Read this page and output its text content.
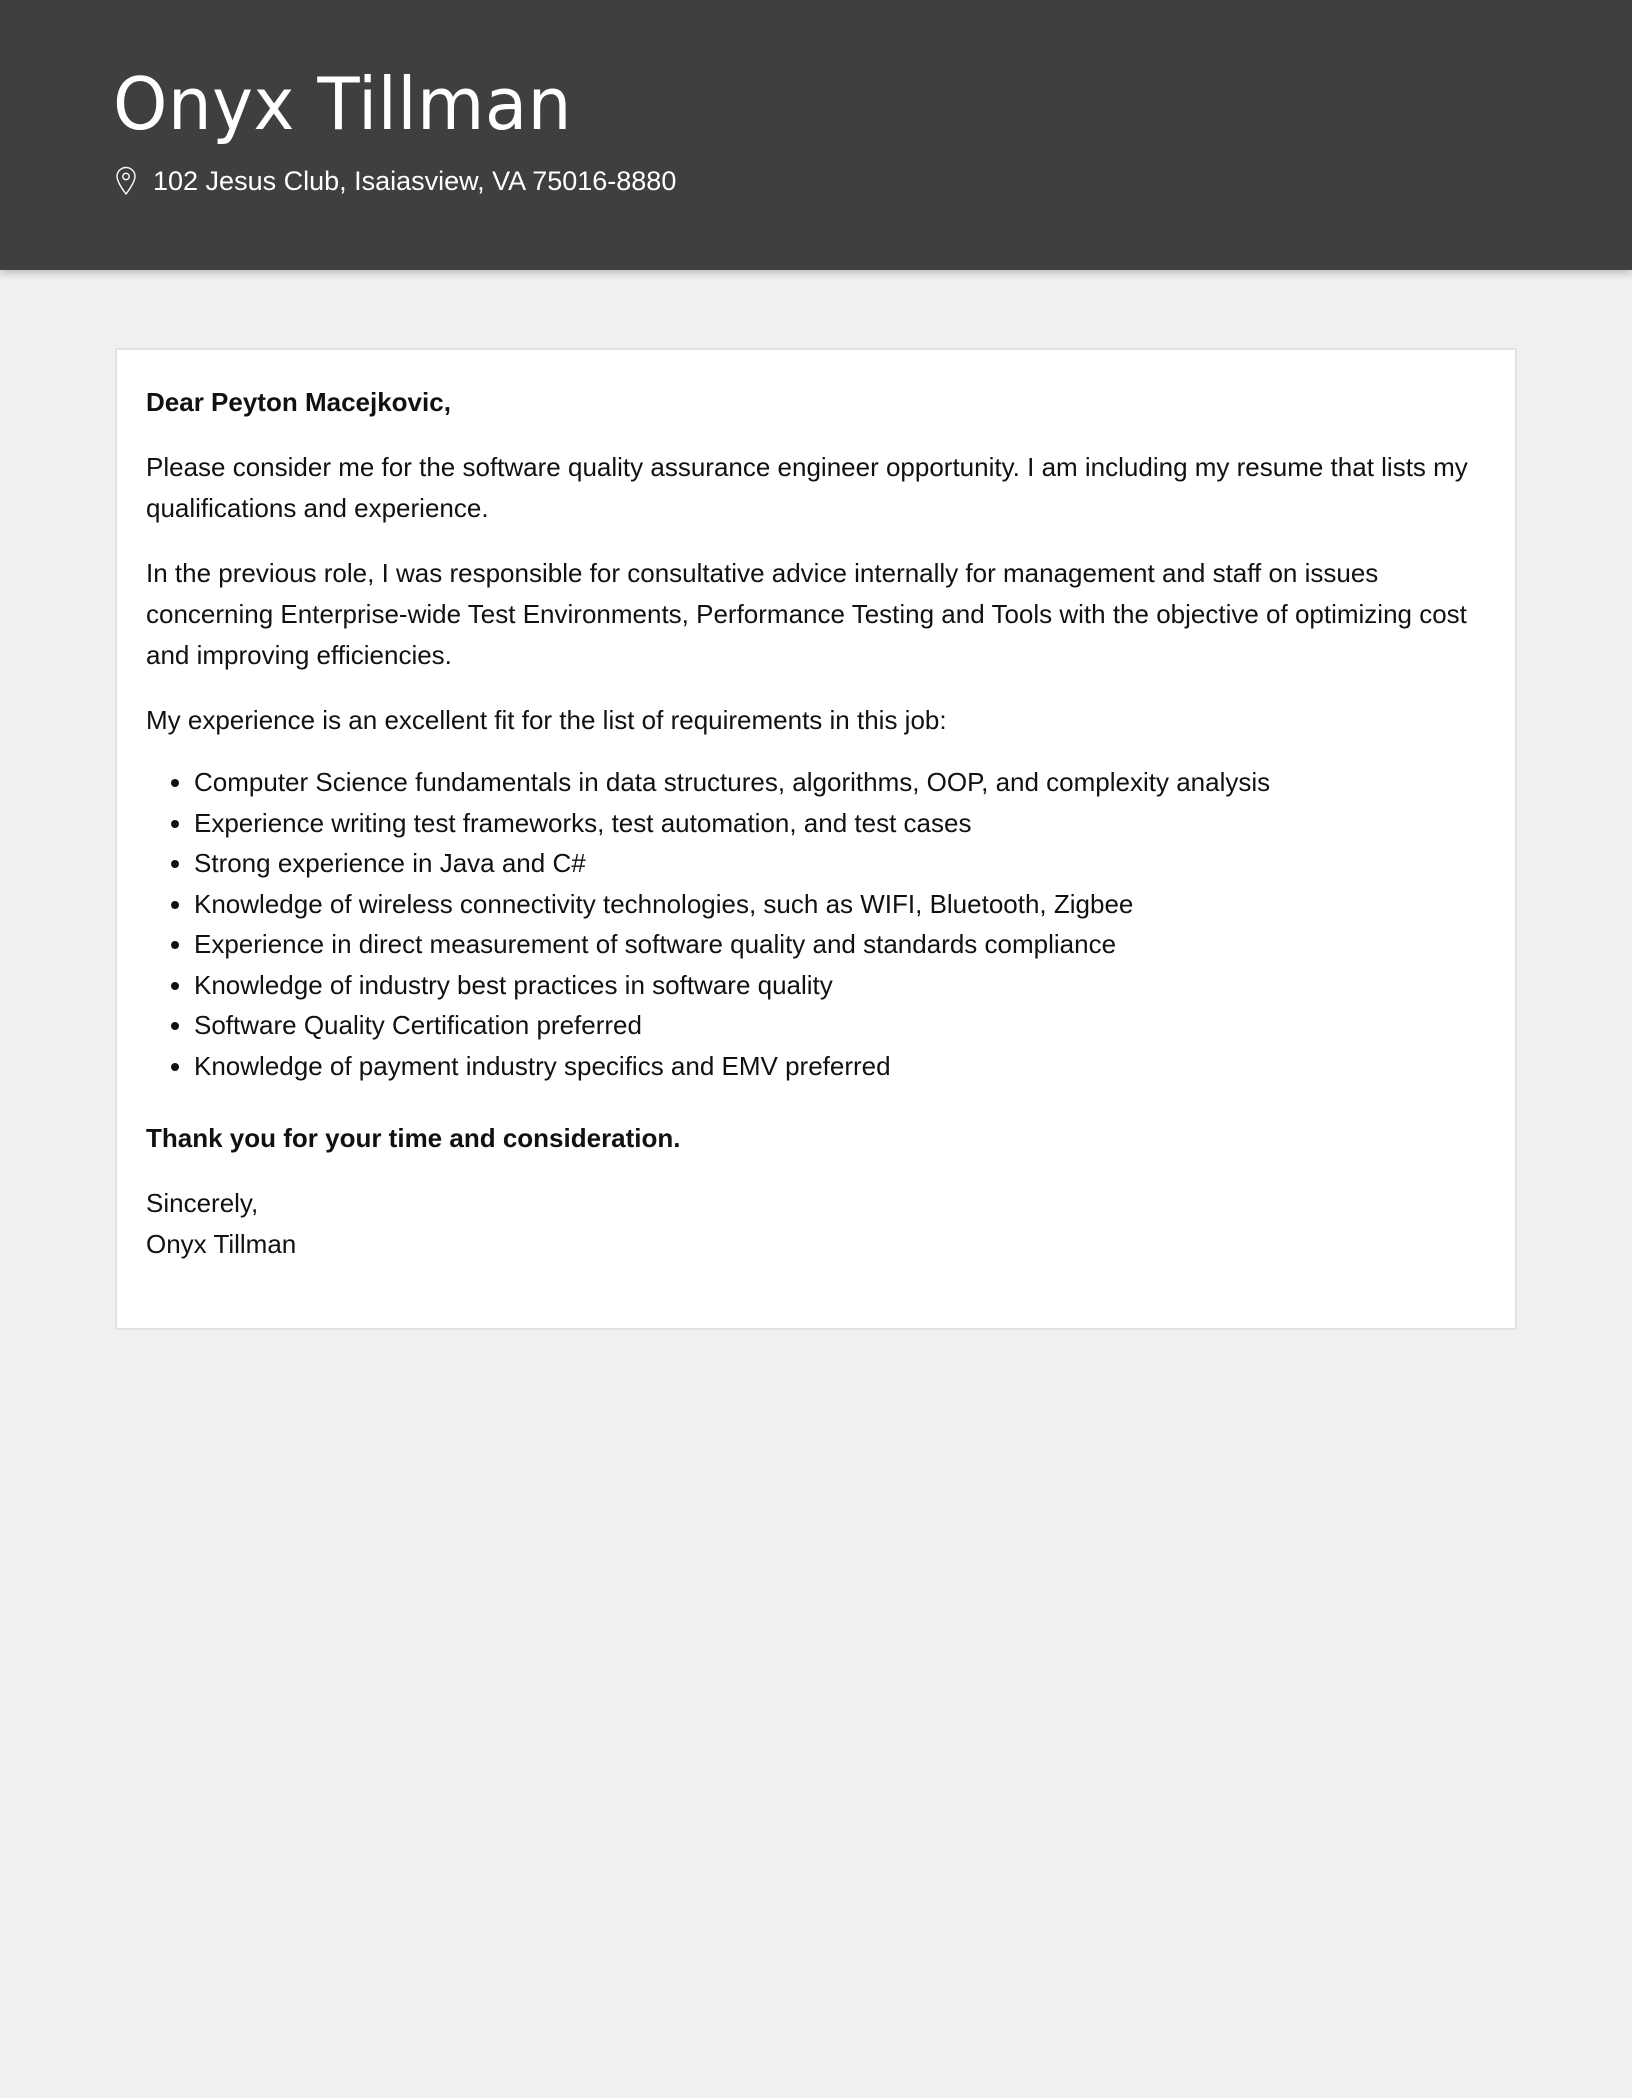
Onyx Tillman
102 Jesus Club, Isaiasview, VA 75016-8880

Dear Peyton Macejkovic,

Please consider me for the software quality assurance engineer opportunity. I am including my resume that lists my qualifications and experience.

In the previous role, I was responsible for consultative advice internally for management and staff on issues concerning Enterprise-wide Test Environments, Performance Testing and Tools with the objective of optimizing cost and improving efficiencies.

My experience is an excellent fit for the list of requirements in this job:

• Computer Science fundamentals in data structures, algorithms, OOP, and complexity analysis
• Experience writing test frameworks, test automation, and test cases
• Strong experience in Java and C#
• Knowledge of wireless connectivity technologies, such as WIFI, Bluetooth, Zigbee
• Experience in direct measurement of software quality and standards compliance
• Knowledge of industry best practices in software quality
• Software Quality Certification preferred
• Knowledge of payment industry specifics and EMV preferred

Thank you for your time and consideration.

Sincerely,
Onyx Tillman
